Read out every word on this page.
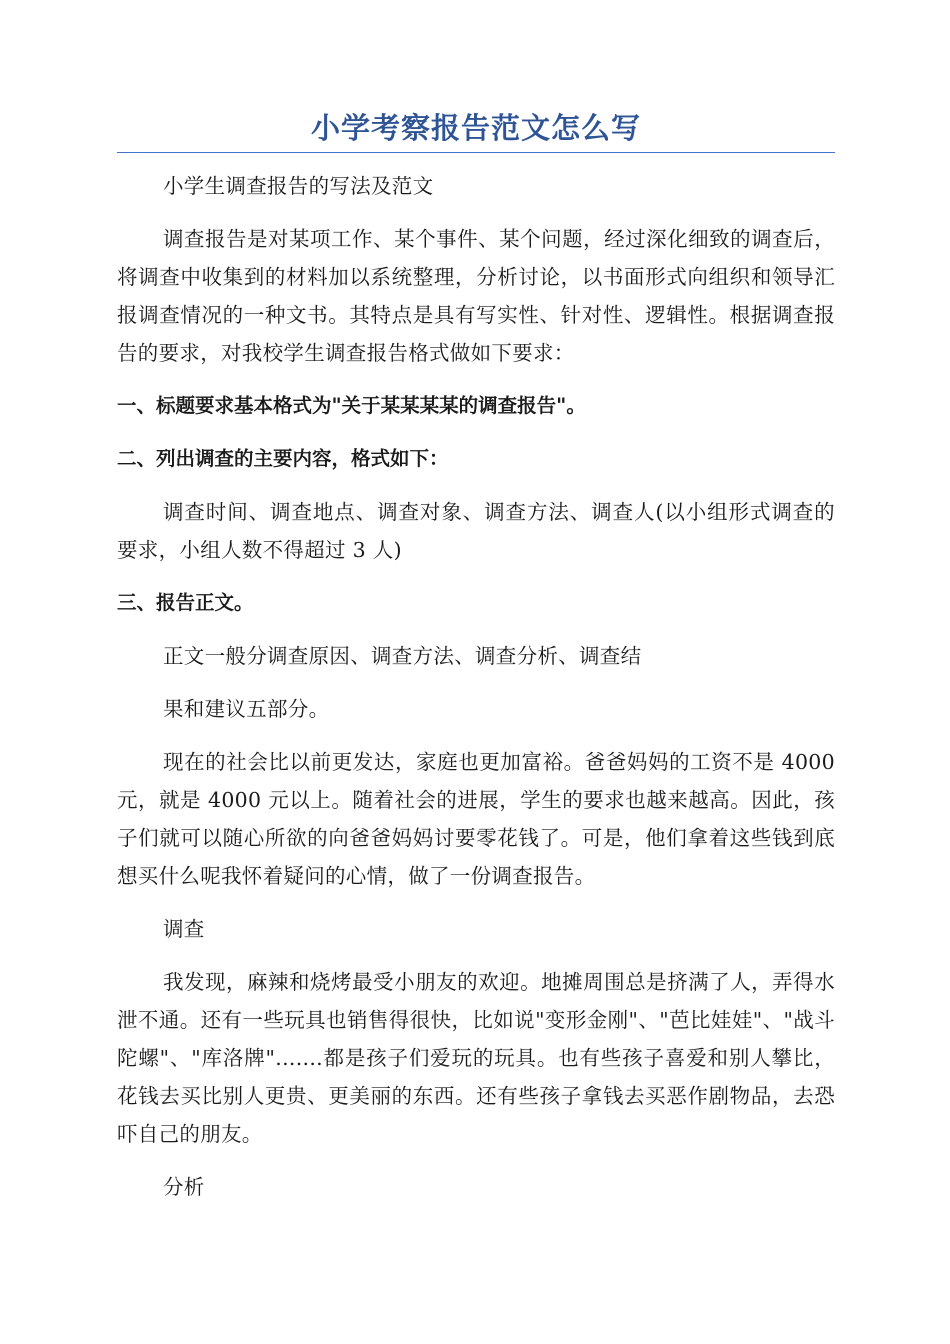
小学考察报告范文怎么写

小学生调查报告的写法及范文

调查报告是对某项工作、某个事件、某个问题，经过深化细致的调查后，将调查中收集到的材料加以系统整理，分析讨论，以书面形式向组织和领导汇报调查情况的一种文书。其特点是具有写实性、针对性、逻辑性。根据调查报告的要求，对我校学生调查报告格式做如下要求：

一、标题要求基本格式为"关于某某某某的调查报告"。

二、列出调查的主要内容，格式如下：

调查时间、调查地点、调查对象、调查方法、调查人(以小组形式调查的要求，小组人数不得超过 3 人)

三、报告正文。

正文一般分调查原因、调查方法、调查分析、调查结

果和建议五部分。

现在的社会比以前更发达，家庭也更加富裕。爸爸妈妈的工资不是 4000 元，就是 4000 元以上。随着社会的进展，学生的要求也越来越高。因此，孩子们就可以随心所欲的向爸爸妈妈讨要零花钱了。可是，他们拿着这些钱到底想买什么呢我怀着疑问的心情，做了一份调查报告。

调查

我发现，麻辣和烧烤最受小朋友的欢迎。地摊周围总是挤满了人，弄得水泄不通。还有一些玩具也销售得很快，比如说"变形金刚"、"芭比娃娃"、"战斗陀螺"、"库洛牌".......都是孩子们爱玩的玩具。也有些孩子喜爱和别人攀比，花钱去买比别人更贵、更美丽的东西。还有些孩子拿钱去买恶作剧物品，去恐吓自己的朋友。

分析
